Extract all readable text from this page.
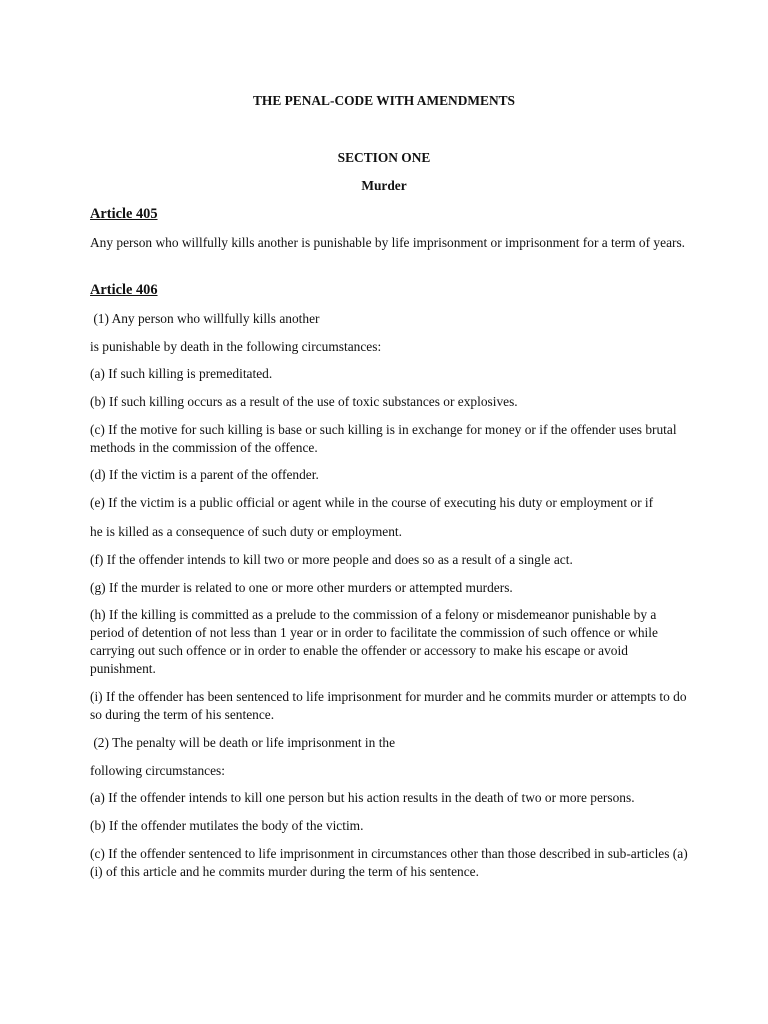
THE PENAL-CODE WITH AMENDMENTS
SECTION ONE
Murder
Article 405
Any person who willfully kills another is punishable by life imprisonment or imprisonment for a term of years.
Article 406
(1) Any person who willfully kills another
is punishable by death in the following circumstances:
(a) If such killing is premeditated.
(b) If such killing occurs as a result of the use of toxic substances or explosives.
(c) If the motive for such killing is base or such killing is in exchange for money or if the offender uses brutal methods in the commission of the offence.
(d) If the victim is a parent of the offender.
(e) If the victim is a public official or agent while in the course of executing his duty or employment or if
he is killed as a consequence of such duty or employment.
(f) If the offender intends to kill two or more people and does so as a result of a single act.
(g) If the murder is related to one or more other murders or attempted murders.
(h) If the killing is committed as a prelude to the commission of a felony or misdemeanor punishable by a period of detention of not less than 1 year or in order to facilitate the commission of such offence or while carrying out such offence or in order to enable the offender or accessory to make his escape or avoid punishment.
(i) If the offender has been sentenced to life imprisonment for murder and he commits murder or attempts to do so during the term of his sentence.
(2) The penalty will be death or life imprisonment in the
following circumstances:
(a) If the offender intends to kill one person but his action results in the death of two or more persons.
(b) If the offender mutilates the body of the victim.
(c) If the offender sentenced to life imprisonment in circumstances other than those described in sub-articles (a)(i) of this article and he commits murder during the term of his sentence.
